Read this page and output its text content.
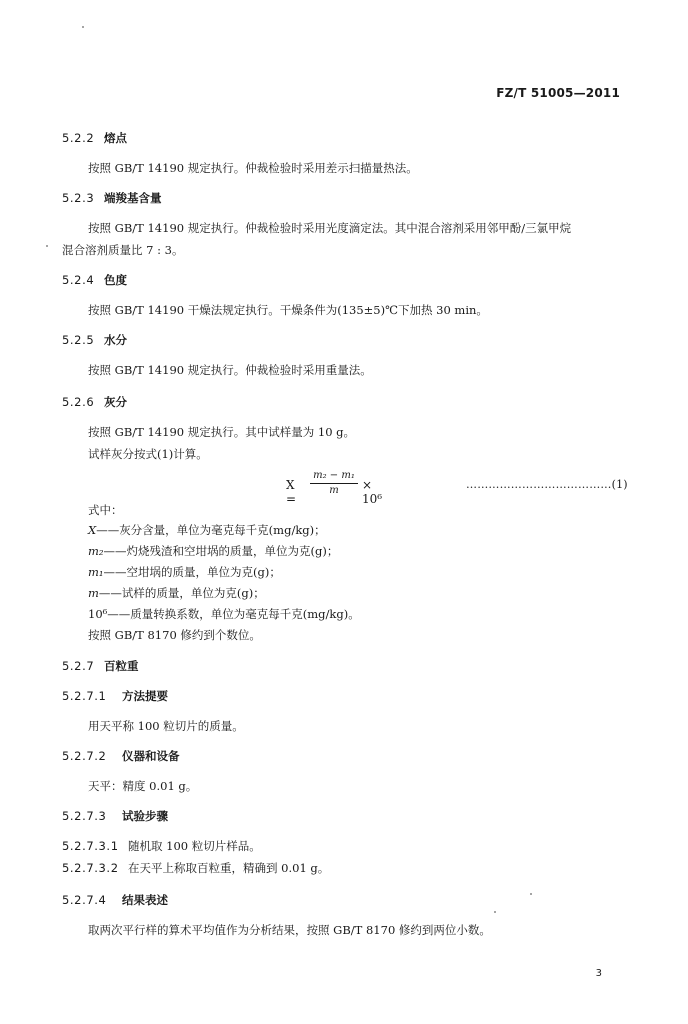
FZ/T 51005—2011
5.2.2 熔点
按照 GB/T 14190 规定执行。仲裁检验时采用差示扫描量热法。
5.2.3 端羧基含量
按照 GB/T 14190 规定执行。仲裁检验时采用光度滴定法。其中混合溶剂采用邻甲酚/三氯甲烷
混合溶剂质量比 7 : 3。
5.2.4 色度
按照 GB/T 14190 干燥法规定执行。干燥条件为(135±5)℃下加热 30 min。
5.2.5 水分
按照 GB/T 14190 规定执行。仲裁检验时采用重量法。
5.2.6 灰分
按照 GB/T 14190 规定执行。其中试样量为 10 g。
试样灰分按式(1)计算。
X =
m₂ − m₁
m	× 10⁶
…………………………………(1)
式中：
X——灰分含量，单位为毫克每千克(mg/kg)；
m₂——灼烧残渣和空坩埚的质量，单位为克(g)；
m₁——空坩埚的质量，单位为克(g)；
m——试样的质量，单位为克(g)；
10⁶——质量转换系数，单位为毫克每千克(mg/kg)。
按照 GB/T 8170 修约到个数位。
5.2.7 百粒重
5.2.7.1 方法提要
用天平称 100 粒切片的质量。
5.2.7.2 仪器和设备
天平：精度 0.01 g。
5.2.7.3 试验步骤
5.2.7.3.1 随机取 100 粒切片样品。
5.2.7.3.2 在天平上称取百粒重，精确到 0.01 g。
5.2.7.4 结果表述
取两次平行样的算术平均值作为分析结果，按照 GB/T 8170 修约到两位小数。
3
